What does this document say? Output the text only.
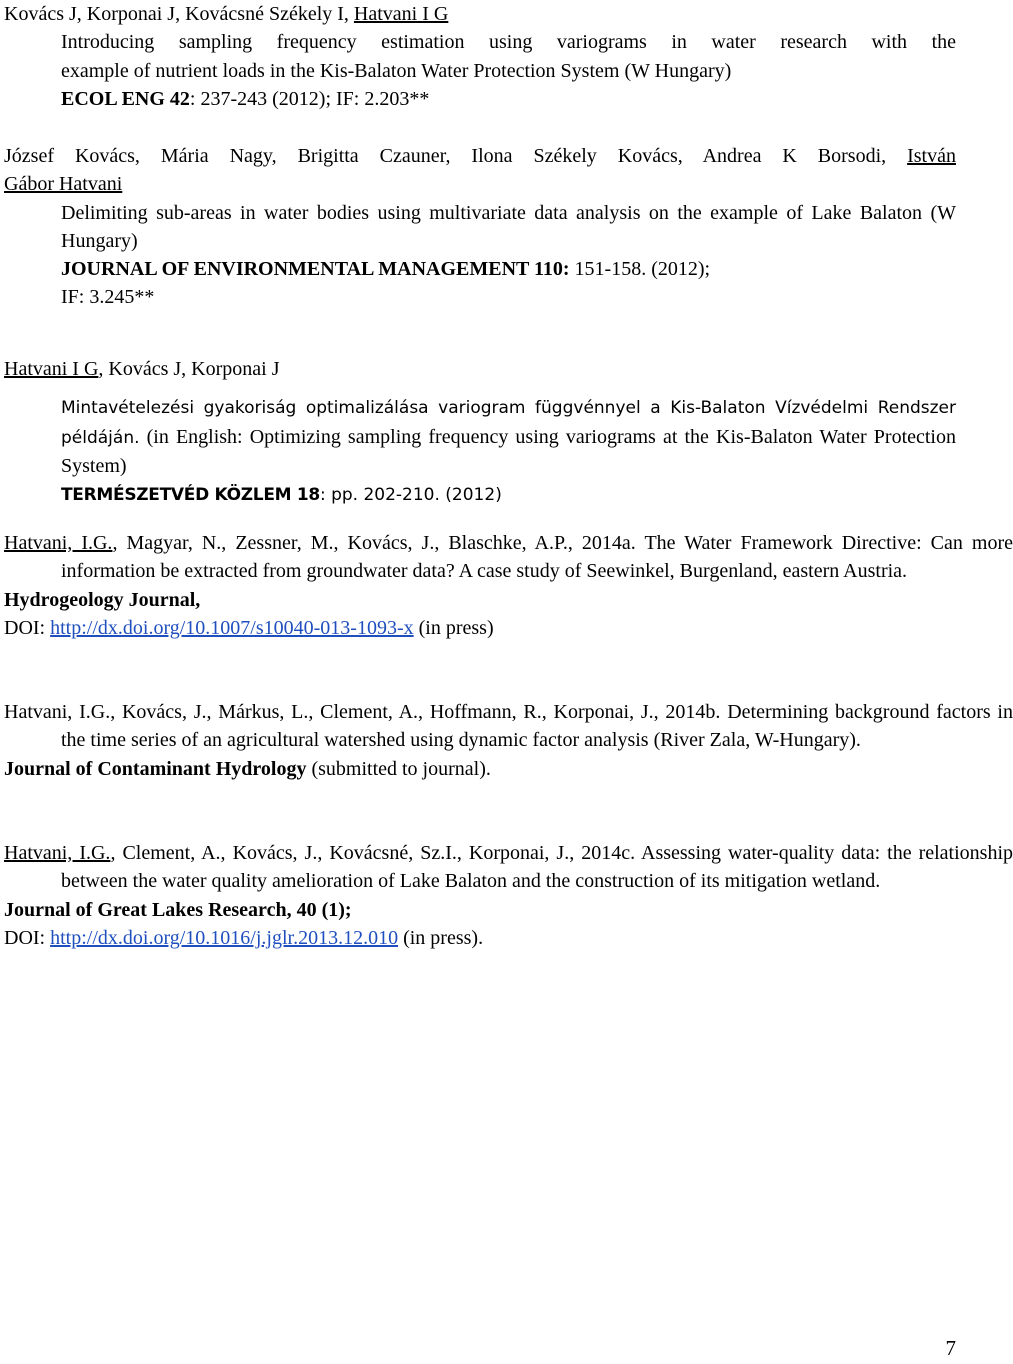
Kovács J, Korponai J, Kovácsné Székely I, Hatvani I G
Introducing sampling frequency estimation using variograms in water research with the
example of nutrient loads in the Kis-Balaton Water Protection System (W Hungary)
ECOL ENG 42: 237-243 (2012); IF: 2.203**
József Kovács, Mária Nagy, Brigitta Czauner, Ilona Székely Kovács, Andrea K Borsodi, István
Gábor Hatvani
Delimiting sub-areas in water bodies using multivariate data analysis on the example of Lake Balaton (W Hungary)
JOURNAL OF ENVIRONMENTAL MANAGEMENT 110: 151-158. (2012);
IF: 3.245**
Hatvani I G, Kovács J, Korponai J
Mintavételezési gyakoriság optimalizálása variogram függvénnyel a Kis-Balaton Vízvédelmi Rendszer példáján. (in English: Optimizing sampling frequency using variograms at the Kis-Balaton Water Protection System)
TERMÉSZETVÉD KÖZLEM 18: pp. 202-210. (2012)
Hatvani, I.G., Magyar, N., Zessner, M., Kovács, J., Blaschke, A.P., 2014a. The Water Framework Directive: Can more information be extracted from groundwater data? A case study of Seewinkel, Burgenland, eastern Austria.
Hydrogeology Journal,
DOI: http://dx.doi.org/10.1007/s10040-013-1093-x (in press)
Hatvani, I.G., Kovács, J., Márkus, L., Clement, A., Hoffmann, R., Korponai, J., 2014b. Determining background factors in the time series of an agricultural watershed using dynamic factor analysis (River Zala, W-Hungary).
Journal of Contaminant Hydrology (submitted to journal).
Hatvani, I.G., Clement, A., Kovács, J., Kovácsné, Sz.I., Korponai, J., 2014c. Assessing water-quality data: the relationship between the water quality amelioration of Lake Balaton and the construction of its mitigation wetland.
Journal of Great Lakes Research, 40 (1);
DOI: http://dx.doi.org/10.1016/j.jglr.2013.12.010 (in press).
7
